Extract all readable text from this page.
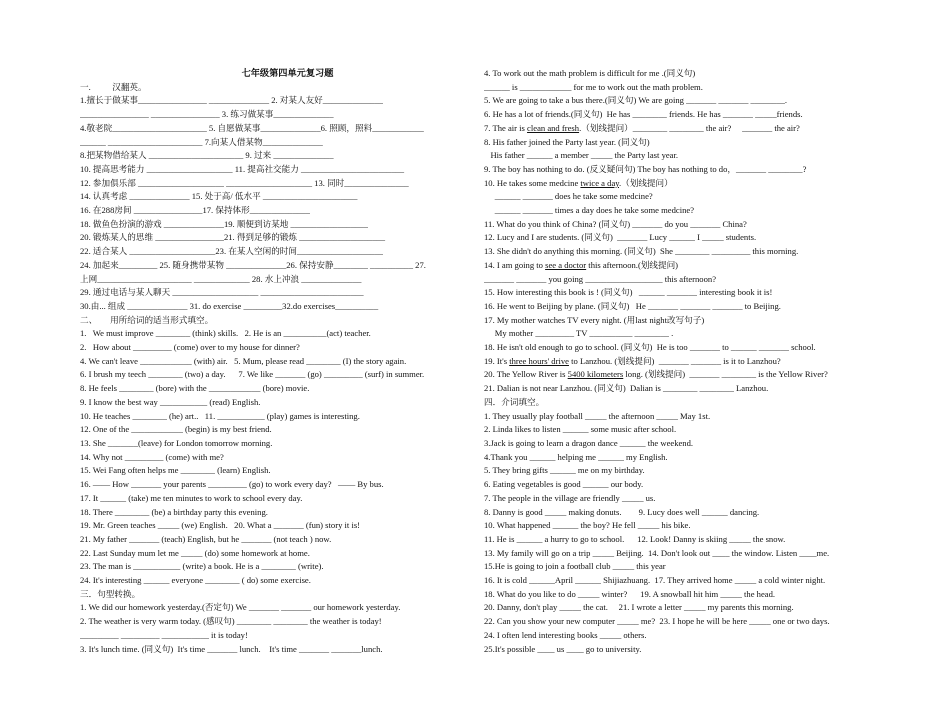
七年级第四单元复习题
一.          汉翻英。
1.擅长于做某事________________ ______________ 2. 对某人友好______________
________________ ________________ 3. 练习做某事______________
4.敬老院______________________ 5. 自愿做某事______________6. 照顾，照料____________
______ ______________________ 7.向某人借某物______________
8.把某物借给某人 ______________________ 9. 过来 ______________
10. 提高思考能力 ____________________ 11. 提高社交能力 ________________________
12. 参加俱乐部 ____________________ ____________________ 13. 同时_______________
14. 认真考虑 ______________ 15. 处于高/ 低水平 ______________________
16. 在288房间 ________________17. 保持体形______________
18. 做鱼色扮演的游戏 ______________19. 顺便到访某地 __________________
20. 锻炼某人的思维 ________________21. 得到足够的锻炼 ____________________
22. 适合某人 ____________________23. 在某人空闲的时间____________________
24. 加起来_________ 25. 随身携带某物 ______________26. 保持安静________ __________ 27.
上网______________________ _____________ 28. 水上冲浪 ______________
29. 通过电话与某人聊天 ____________________ ________________________
30.由... 组成 ______________ 31. do exercise _________32.do exercises__________
二、      用所给词的适当形式填空。
1.   We must improve ________ (think) skills.   2. He is an __________(act) teacher.
2.   How about _________ (come) over to my house for dinner?
4. We can't leave ____________ (with) air.   5. Mum, please read ________ (I) the story again.
6. I brush my teech ________ (two) a day.      7. We like _______ (go) _________ (surf) in summer.
8. He feels ________ (bore) with the ____________ (bore) movie.
9. I know the best way ___________ (read) English.
10. He teaches ________ (he) art..   11. ___________ (play) games is interesting.
12. One of the ____________ (begin) is my best friend.
13. She _______(leave) for London tomorrow morning.
14. Why not _________ (come) with me?
15. Wei Fang often helps me ________ (learn) English.
16. —— How _______ your parents _________ (go) to work every day?   —— By bus.
17. It ______ (take) me ten minutes to work to school every day.
18. There ________ (be) a birthday party this evening.
19. Mr. Green teaches _____ (we) English.   20. What a _______ (fun) story it is!
21. My father _______ (teach) English, but he _______ (not teach ) now.
22. Last Sunday mum let me _____ (do) some homework at home.
23. The man is ___________ (write) a book. He is a ________ (write).
24. It's interesting ______ everyone ________ ( do) some exercise.
三．句型转换。
1. We did our homework yesterday.(否定句) We _______ _______ our homework yesterday.
2. The weather is very warm today. (感叹句) ________ ________ the weather is today!
_________ _________ ___________ it is today!
3. It's lunch time. (同义句)  It's time _______ lunch.    It's time _______ _______lunch.
4. To work out the math problem is difficult for me .(同义句)
______ is ____________ for me to work out the math problem.
5. We are going to take a bus there.(同义句) We are going _______ _______ ________.
6. He has a lot of friends.(同义句)  He has ________ friends. He has _______ _____friends.
7. The air is clean and fresh.（划线提问）________ ________ the air?     _______ the air?
8. His father joined the Party last year. (同义句)
His father ______ a member _____ the Party last year.
9. The boy has nothing to do. (反义疑问句) The boy has nothing to do，_______ ________?
10. He takes some medcine twice a day.（划线提问）
______ _______ does he take some medcine?
______ _______ times a day does he take some medcine?
11. What do you think of China? (同义句) _______ do you _______ China?
12. Lucy and I are students. (同义句)  _______ Lucy ______ I _____ students.
13. She didn't do anything this morning. (同义句)  She ________ _________ this morning.
14. I am going to see a doctor this afternoon.(划线提问)
_______ _______ you going __________________ this afternoon?
15. How interesting this book is ! (同义句)   ______ _______ interesting book it is!
16. He went to Beijing by plane. (同义句)   He _______ _______ _______ to Beijing.
17. My mother watches TV every night. (用last night改写句子)
My mother _________ TV __________ ________ .
18. He isn't old enough to go to school. (同义句)  He is too _______ to ______ _______ school.
19. It's three hours' drive to Lanzhou. (划线提问)  _______ _______ is it to Lanzhou?
20. The Yellow River is 5400 kilometers long. (划线提问)  _______ ________ is the Yellow River?
21. Dalian is not near Lanzhou. (同义句)  Dalian is ________ ________ Lanzhou.
四．介词填空。
1. They usually play football _____ the afternoon _____ May 1st.
2. Linda likes to listen ______ some music after school.
3.Jack is going to learn a dragon dance ______ the weekend.
4.Thank you ______ helping me ______ my English.
5. They bring gifts ______ me on my birthday.
6. Eating vegetables is good ______ our body.
7. The people in the village are friendly _____ us.
8. Danny is good _____ making donuts.        9. Lucy does well ______ dancing.
10. What happened ______ the boy? He fell _____ his bike.
11. He is ______ a hurry to go to school.      12. Look! Danny is skiing _____ the snow.
13. My family will go on a trip _____ Beijing.  14. Don't look out ____ the window. Listen ____me.
15.He is going to join a football club _____ this year
16. It is cold ______April ______ Shijiazhuang.  17. They arrived home _____ a cold winter night.
18. What do you like to do _____ winter?      19. A snowball hit him _____ the head.
20. Danny, don't play _____ the cat.     21. I wrote a letter _____ my parents this morning.
22. Can you show your new computer _____ me?  23. I hope he will be here _____ one or two days.
24. I often lend interesting books _____ others.
25.It's possible ____ us ____ go to university.
